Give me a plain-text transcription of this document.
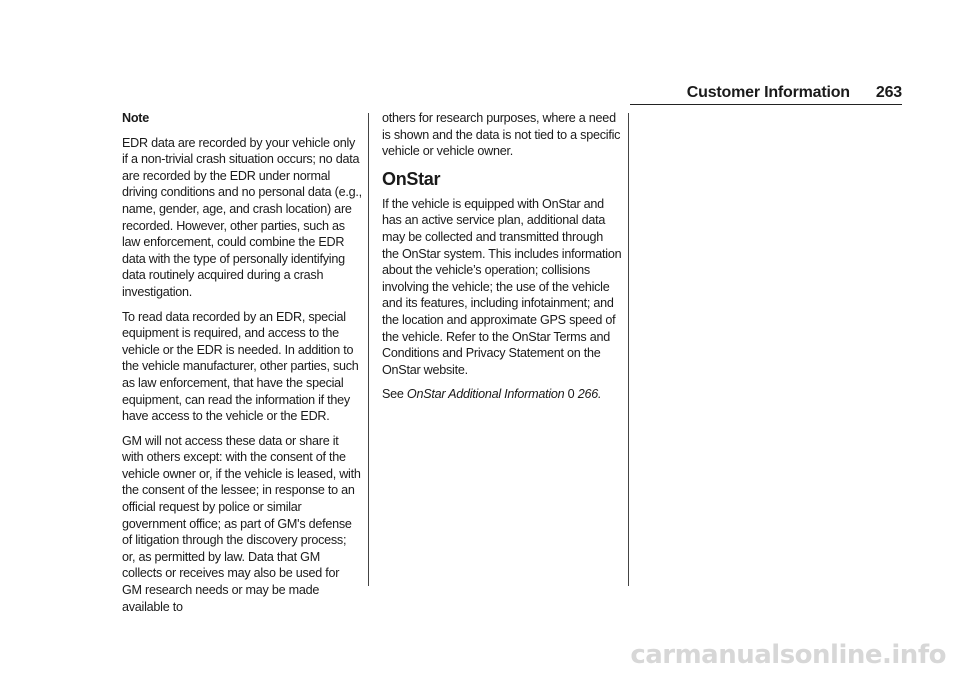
Customer Information 263

Note

EDR data are recorded by your vehicle only if a non-trivial crash situation occurs; no data are recorded by the EDR under normal driving conditions and no personal data (e.g., name, gender, age, and crash location) are recorded. However, other parties, such as law enforcement, could combine the EDR data with the type of personally identifying data routinely acquired during a crash investigation.

To read data recorded by an EDR, special equipment is required, and access to the vehicle or the EDR is needed. In addition to the vehicle manufacturer, other parties, such as law enforcement, that have the special equipment, can read the information if they have access to the vehicle or the EDR.

GM will not access these data or share it with others except: with the consent of the vehicle owner or, if the vehicle is leased, with the consent of the lessee; in response to an official request by police or similar government office; as part of GM's defense of litigation through the discovery process; or, as permitted by law. Data that GM collects or receives may also be used for GM research needs or may be made available to

others for research purposes, where a need is shown and the data is not tied to a specific vehicle or vehicle owner.

OnStar

If the vehicle is equipped with OnStar and has an active service plan, additional data may be collected and transmitted through the OnStar system. This includes information about the vehicle’s operation; collisions involving the vehicle; the use of the vehicle and its features, including infotainment; and the location and approximate GPS speed of the vehicle. Refer to the OnStar Terms and Conditions and Privacy Statement on the OnStar website.

See OnStar Additional Information 0 266.

carmanualsonline.info
